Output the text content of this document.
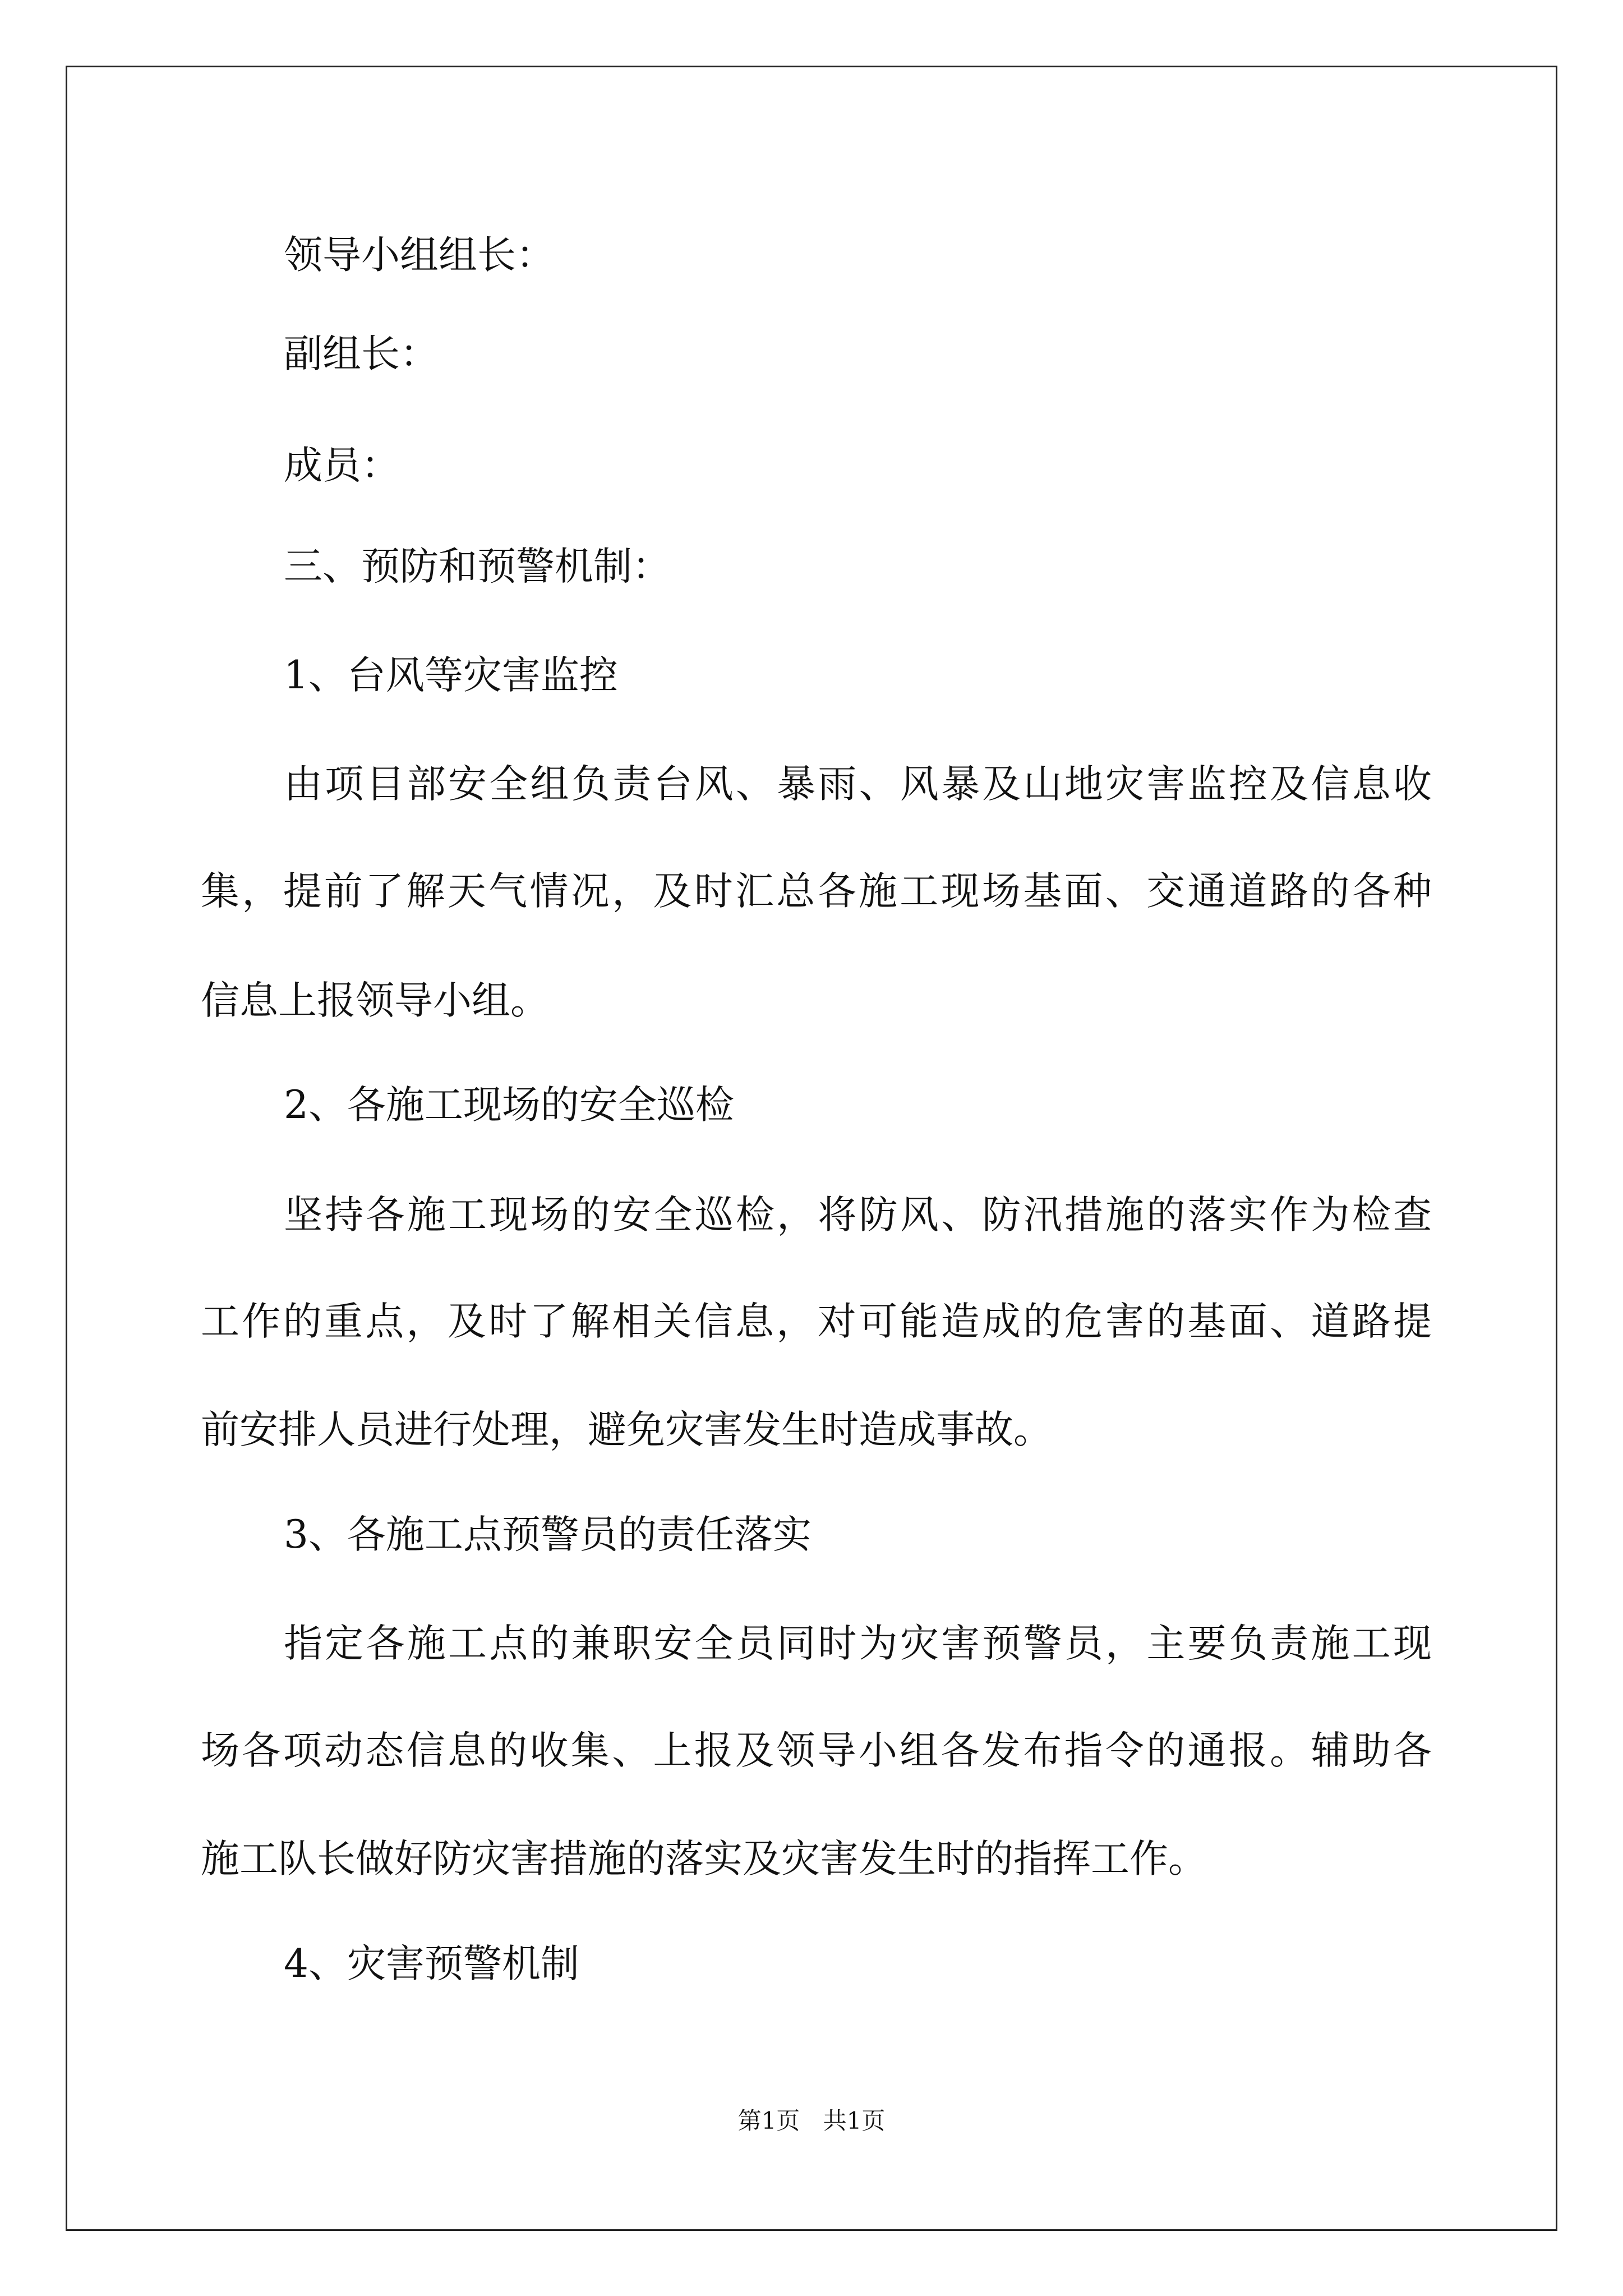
领导小组组长：
副组长：
成员：
三、预防和预警机制：
1、台风等灾害监控
由项目部安全组负责台风、暴雨、风暴及山地灾害监控及信息收
集，提前了解天气情况，及时汇总各施工现场基面、交通道路的各种
信息上报领导小组。
2、各施工现场的安全巡检
坚持各施工现场的安全巡检，将防风、防汛措施的落实作为检查
工作的重点，及时了解相关信息，对可能造成的危害的基面、道路提
前安排人员进行处理，避免灾害发生时造成事故。
3、各施工点预警员的责任落实
指定各施工点的兼职安全员同时为灾害预警员，主要负责施工现
场各项动态信息的收集、上报及领导小组各发布指令的通报。辅助各
施工队长做好防灾害措施的落实及灾害发生时的指挥工作。
4、灾害预警机制
第1页 共1页
